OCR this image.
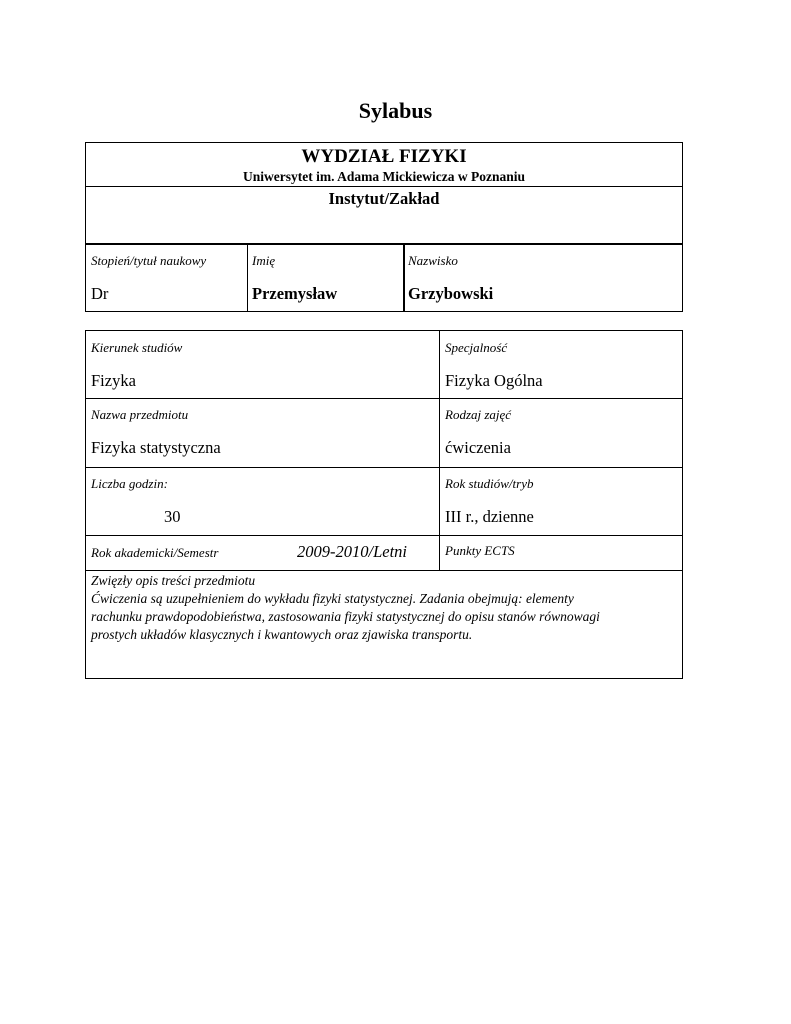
Sylabus
WYDZIAŁ FIZYKI
Uniwersytet im. Adama Mickiewicza w Poznaniu
Instytut/Zakład
Stopień/tytuł naukowy
Dr
Imię
Przemysław
Nazwisko
Grzybowski
Kierunek studiów
Fizyka
Specjalność
Fizyka Ogólna
Nazwa przedmiotu
Fizyka statystyczna
Rodzaj zajęć
ćwiczenia
Liczba godzin:
30
Rok studiów/tryb
III r., dzienne
Rok akademicki/Semestr	2009-2010/Letni	Punkty ECTS
Zwięzły opis treści przedmiotu
Ćwiczenia są uzupełnieniem do wykładu fizyki statystycznej. Zadania obejmują: elementy
rachunku prawdopodobieństwa, zastosowania fizyki statystycznej do opisu stanów równowagi
prostych układów klasycznych i kwantowych oraz zjawiska transportu.
